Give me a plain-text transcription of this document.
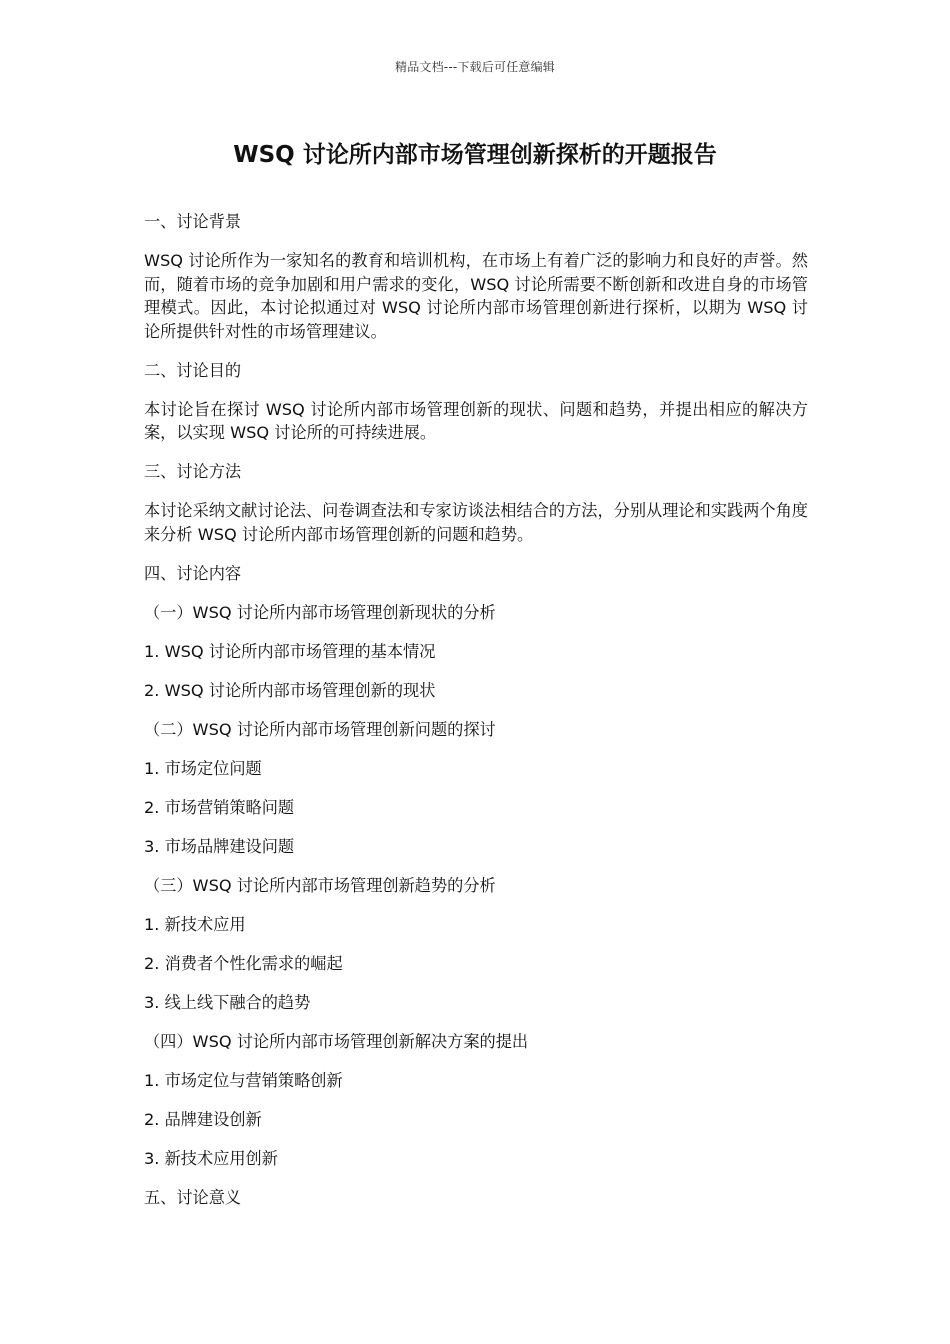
精品文档---下载后可任意编辑
WSQ 讨论所内部市场管理创新探析的开题报告

一、讨论背景

WSQ 讨论所作为一家知名的教育和培训机构，在市场上有着广泛的影响力和良好的声誉。然而，随着市场的竞争加剧和用户需求的变化，WSQ 讨论所需要不断创新和改进自身的市场管理模式。因此，本讨论拟通过对 WSQ 讨论所内部市场管理创新进行探析，以期为 WSQ 讨论所提供针对性的市场管理建议。

二、讨论目的

本讨论旨在探讨 WSQ 讨论所内部市场管理创新的现状、问题和趋势，并提出相应的解决方案，以实现 WSQ 讨论所的可持续进展。

三、讨论方法

本讨论采纳文献讨论法、问卷调查法和专家访谈法相结合的方法，分别从理论和实践两个角度来分析 WSQ 讨论所内部市场管理创新的问题和趋势。

四、讨论内容

（一）WSQ 讨论所内部市场管理创新现状的分析

1. WSQ 讨论所内部市场管理的基本情况

2. WSQ 讨论所内部市场管理创新的现状

（二）WSQ 讨论所内部市场管理创新问题的探讨

1. 市场定位问题

2. 市场营销策略问题

3. 市场品牌建设问题

（三）WSQ 讨论所内部市场管理创新趋势的分析

1. 新技术应用

2. 消费者个性化需求的崛起

3. 线上线下融合的趋势

（四）WSQ 讨论所内部市场管理创新解决方案的提出

1. 市场定位与营销策略创新

2. 品牌建设创新

3. 新技术应用创新

五、讨论意义
